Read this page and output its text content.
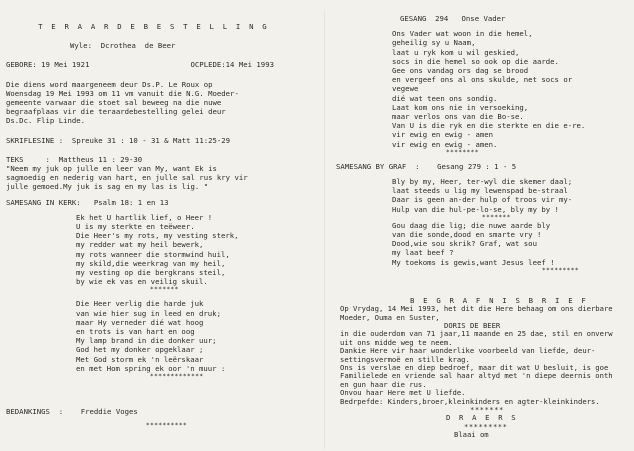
T E R A A R D E B E S T E L L I N G
Wyle:  Dcrothea  de Beer
GEBORE: 19 Mei 1921	OCPLEDE:14 Mei 1993
Die diens word maargeneem deur Ds.P. Le Roux op
Woensdag 19 Mei 1993 om 11 vm vanuit die N.G. Moeder-
gemeente varwaar die stoet sal beweeg na die nuwe
begraafplaas vir die teraardebestelling gelei deur
Ds.Dc. Flip Linde.
SKRIFLESINE : Spreuke 31 : 10 - 31 & Matt 11:25-29
TEKS	:  Mattheus 11 : 29-30
"Neem my juk op julle en leer van My, want Ek is
sagmoedig en nederig van hart, en julle sal rus kry vir
julle gemoed.My juk is sag en my las is lig. "
SAMESANG IN KERK: Psalm 18: 1 en 13
Ek het U hartlik lief, o Heer !
U is my sterkte en teëweer.
Die Heer's my rots, my vesting sterk,
my redder wat my heil bewerk,
my rots wanneer die stormwind huil,
my skild,die weerkrag van my heil,
my vesting op die bergkrans steil,
by wie ek vas en veilig skuil.
*******
Die Heer verlig die harde juk
van wie hier sug in leed en druk;
maar Hy verneder dié wat hoog
en trots is van hart en oog
My lamp brand in die donker uur;
God het my donker opgeklaar ;
Met God storm ek 'n leërskaar
en met Hom spring ek oor 'n muur :
*************
BEDANKINGS  : Freddie Voges
**********
GESANG  294 Onse Vader
Ons Vader wat woon in die hemel,
geheilig sy u Naam,
laat u ryk kom u wil geskied,
socs in die hemel so ook op die aarde.
Gee ons vandag ors dag se brood
en vergeef ons al ons skulde, net socs or
vegewe
dié wat teen ons sondig.
Laat kom ons nie in versoeking,
maar verlos ons van die Bo-se.
Van U is die ryk en die sterkte en die e-re.
vir ewig en ewig - amen
vir ewig en ewig - amen.
********
SAMESANG BY GRAF  : Gesang 279 : 1 - 5
Bly by my, Heer, ter-wyl die skemer daal;
laat steeds u lig my lewenspad be-straal
Daar is geen an-der hulp of troos vir my-
Hulp van die hul-pe-lo-se, bly my by !
*******
Gou daag die lig; die nuwe aarde bly
van die sonde,dood en smarte vry !
Dood,wie sou skrik? Graf, wat sou
my laat beef ?
My toekoms is gewis,want Jesus leef !
*********
B E G R A F N I S B R I E F
Op Vrydag, 14 Mei 1993, het dit die Here behaag om ons dierbare
Moeder, Ouma en Suster,
DORIS DE BEER
in die ouderdom van 71 jaar,11 maande en 25 dae, stil en onverw
uit ons midde weg te neem.
Dankie Here vir haar wonderlike voorbeeld van liefde, deur-
settingsvermoë en stille krag.
Ons is verslae en diep bedroef, maar dit wat U besluit, is goe
Familielede en vriende sal haar altyd met 'n diepe deernis onth
en gun haar die rus.
Onvou haar Here met U liefde.
Bedrpefde: Kinders,broer,kleinkinders en agter-kleinkinders.
*******
D R A E R S
*********
Blaai om
